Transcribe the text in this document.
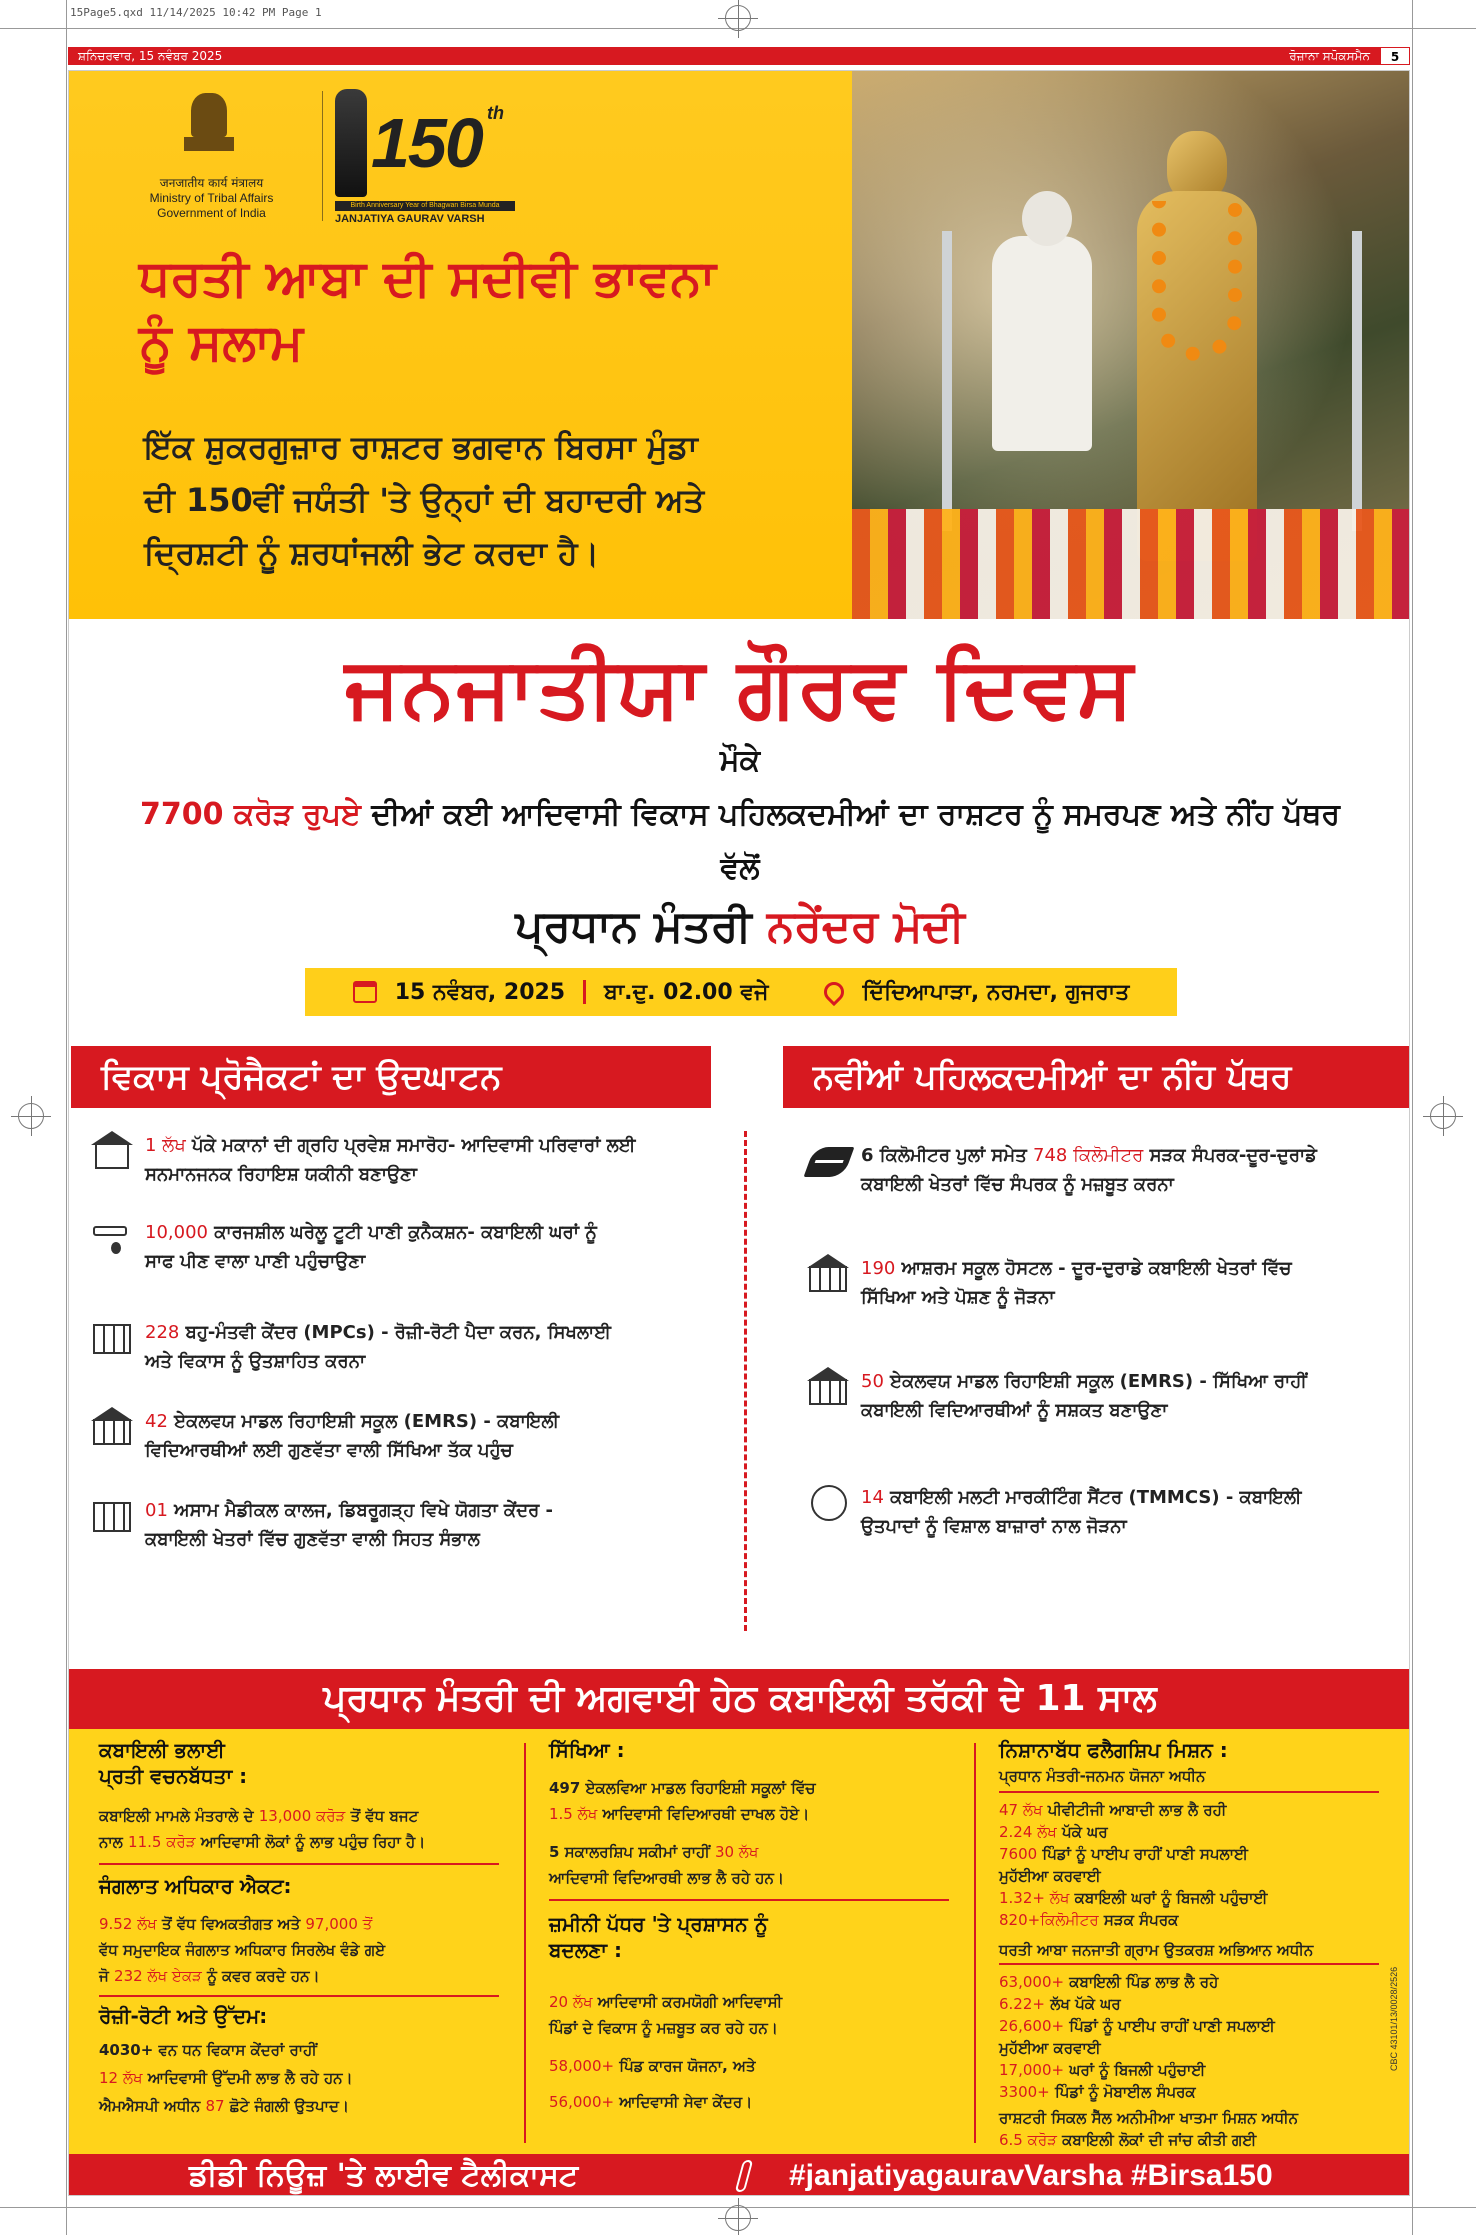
15Page5.qxd 11/14/2025 10:42 PM Page 1
ਸ਼ਨਿਚਰਵਾਰ, 15 ਨਵੰਬਰ 2025	ਰੋਜ਼ਾਨਾ ਸਪੋਕਸਮੈਨ	5
जनजातीय कार्य मंत्रालय
Ministry of Tribal Affairs
Government of India
150 th
Birth Anniversary Year of Bhagwan Birsa Munda
JANJATIYA GAURAV VARSH
ਧਰਤੀ ਆਬਾ ਦੀ ਸਦੀਵੀ ਭਾਵਨਾ
ਨੂੰ ਸਲਾਮ
ਇੱਕ ਸ਼ੁਕਰਗੁਜ਼ਾਰ ਰਾਸ਼ਟਰ ਭਗਵਾਨ ਬਿਰਸਾ ਮੁੰਡਾ
ਦੀ 150ਵੀਂ ਜਯੰਤੀ 'ਤੇ ਉਨ੍ਹਾਂ ਦੀ ਬਹਾਦਰੀ ਅਤੇ
ਦ੍ਰਿਸ਼ਟੀ ਨੂੰ ਸ਼ਰਧਾਂਜਲੀ ਭੇਟ ਕਰਦਾ ਹੈ।
ਜਨਜਾਤੀਯਾ ਗੌਰਵ ਦਿਵਸ
ਮੌਕੇ
7700 ਕਰੋੜ ਰੁਪਏ ਦੀਆਂ ਕਈ ਆਦਿਵਾਸੀ ਵਿਕਾਸ ਪਹਿਲਕਦਮੀਆਂ ਦਾ ਰਾਸ਼ਟਰ ਨੂੰ ਸਮਰਪਣ ਅਤੇ ਨੀਂਹ ਪੱਥਰ
ਵੱਲੋਂ
ਪ੍ਰਧਾਨ ਮੰਤਰੀ ਨਰੇਂਦਰ ਮੋਦੀ
15 ਨਵੰਬਰ, 2025 ਬਾ.ਦੁ. 02.00 ਵਜੇ	ਦਿੱਦਿਆਪਾੜਾ, ਨਰਮਦਾ, ਗੁਜਰਾਤ
ਵਿਕਾਸ ਪ੍ਰੋਜੈਕਟਾਂ ਦਾ ਉਦਘਾਟਨ	ਨਵੀਂਆਂ ਪਹਿਲਕਦਮੀਆਂ ਦਾ ਨੀਂਹ ਪੱਥਰ
1 ਲੱਖ ਪੱਕੇ ਮਕਾਨਾਂ ਦੀ ਗ੍ਰਹਿ ਪ੍ਰਵੇਸ਼ ਸਮਾਰੋਹ- ਆਦਿਵਾਸੀ ਪਰਿਵਾਰਾਂ ਲਈ
ਸਨਮਾਨਜਨਕ ਰਿਹਾਇਸ਼ ਯਕੀਨੀ ਬਣਾਉਣਾ
10,000 ਕਾਰਜਸ਼ੀਲ ਘਰੇਲੂ ਟੂਟੀ ਪਾਣੀ ਕੁਨੈਕਸ਼ਨ- ਕਬਾਇਲੀ ਘਰਾਂ ਨੂੰ
ਸਾਫ ਪੀਣ ਵਾਲਾ ਪਾਣੀ ਪਹੁੰਚਾਉਣਾ
228 ਬਹੁ-ਮੰਤਵੀ ਕੇਂਦਰ (MPCs) - ਰੋਜ਼ੀ-ਰੋਟੀ ਪੈਦਾ ਕਰਨ, ਸਿਖਲਾਈ
ਅਤੇ ਵਿਕਾਸ ਨੂੰ ਉਤਸ਼ਾਹਿਤ ਕਰਨਾ
42 ਏਕਲਵਯ ਮਾਡਲ ਰਿਹਾਇਸ਼ੀ ਸਕੂਲ (EMRS) - ਕਬਾਇਲੀ
ਵਿਦਿਆਰਥੀਆਂ ਲਈ ਗੁਣਵੱਤਾ ਵਾਲੀ ਸਿੱਖਿਆ ਤੱਕ ਪਹੁੰਚ
01 ਅਸਾਮ ਮੈਡੀਕਲ ਕਾਲਜ, ਡਿਬਰੂਗੜ੍ਹ ਵਿਖੇ ਯੋਗਤਾ ਕੇਂਦਰ -
ਕਬਾਇਲੀ ਖੇਤਰਾਂ ਵਿੱਚ ਗੁਣਵੱਤਾ ਵਾਲੀ ਸਿਹਤ ਸੰਭਾਲ
6 ਕਿਲੋਮੀਟਰ ਪੁਲਾਂ ਸਮੇਤ 748 ਕਿਲੋਮੀਟਰ ਸੜਕ ਸੰਪਰਕ-ਦੂਰ-ਦੁਰਾਡੇ
ਕਬਾਇਲੀ ਖੇਤਰਾਂ ਵਿੱਚ ਸੰਪਰਕ ਨੂੰ ਮਜ਼ਬੂਤ ਕਰਨਾ
190 ਆਸ਼ਰਮ ਸਕੂਲ ਹੋਸਟਲ - ਦੂਰ-ਦੁਰਾਡੇ ਕਬਾਇਲੀ ਖੇਤਰਾਂ ਵਿੱਚ
ਸਿੱਖਿਆ ਅਤੇ ਪੋਸ਼ਣ ਨੂੰ ਜੋੜਨਾ
50 ਏਕਲਵਯ ਮਾਡਲ ਰਿਹਾਇਸ਼ੀ ਸਕੂਲ (EMRS) - ਸਿੱਖਿਆ ਰਾਹੀਂ
ਕਬਾਇਲੀ ਵਿਦਿਆਰਥੀਆਂ ਨੂੰ ਸਸ਼ਕਤ ਬਣਾਉਣਾ
14 ਕਬਾਇਲੀ ਮਲਟੀ ਮਾਰਕੀਟਿੰਗ ਸੈਂਟਰ (TMMCS) - ਕਬਾਇਲੀ
ਉਤਪਾਦਾਂ ਨੂੰ ਵਿਸ਼ਾਲ ਬਾਜ਼ਾਰਾਂ ਨਾਲ ਜੋੜਨਾ
ਪ੍ਰਧਾਨ ਮੰਤਰੀ ਦੀ ਅਗਵਾਈ ਹੇਠ ਕਬਾਇਲੀ ਤਰੱਕੀ ਦੇ 11 ਸਾਲ
ਕਬਾਇਲੀ ਭਲਾਈ
ਪ੍ਰਤੀ ਵਚਨਬੱਧਤਾ :
ਕਬਾਇਲੀ ਮਾਮਲੇ ਮੰਤਰਾਲੇ ਦੇ 13,000 ਕਰੋੜ ਤੋਂ ਵੱਧ ਬਜਟ
ਨਾਲ 11.5 ਕਰੋੜ ਆਦਿਵਾਸੀ ਲੋਕਾਂ ਨੂੰ ਲਾਭ ਪਹੁੰਚ ਰਿਹਾ ਹੈ।
ਜੰਗਲਾਤ ਅਧਿਕਾਰ ਐਕਟ:
9.52 ਲੱਖ ਤੋਂ ਵੱਧ ਵਿਅਕਤੀਗਤ ਅਤੇ 97,000 ਤੋਂ
ਵੱਧ ਸਮੁਦਾਇਕ ਜੰਗਲਾਤ ਅਧਿਕਾਰ ਸਿਰਲੇਖ ਵੰਡੇ ਗਏ
ਜੋ 232 ਲੱਖ ਏਕੜ ਨੂੰ ਕਵਰ ਕਰਦੇ ਹਨ।
ਰੋਜ਼ੀ-ਰੋਟੀ ਅਤੇ ਉੱਦਮ:
4030+ ਵਨ ਧਨ ਵਿਕਾਸ ਕੇਂਦਰਾਂ ਰਾਹੀਂ
12 ਲੱਖ ਆਦਿਵਾਸੀ ਉੱਦਮੀ ਲਾਭ ਲੈ ਰਹੇ ਹਨ।
ਐਮਐਸਪੀ ਅਧੀਨ 87 ਛੋਟੇ ਜੰਗਲੀ ਉਤਪਾਦ।
ਸਿੱਖਿਆ :
497 ਏਕਲਵਿਆ ਮਾਡਲ ਰਿਹਾਇਸ਼ੀ ਸਕੂਲਾਂ ਵਿੱਚ
1.5 ਲੱਖ ਆਦਿਵਾਸੀ ਵਿਦਿਆਰਥੀ ਦਾਖਲ ਹੋਏ।
5 ਸਕਾਲਰਸ਼ਿਪ ਸਕੀਮਾਂ ਰਾਹੀਂ 30 ਲੱਖ
ਆਦਿਵਾਸੀ ਵਿਦਿਆਰਥੀ ਲਾਭ ਲੈ ਰਹੇ ਹਨ।
ਜ਼ਮੀਨੀ ਪੱਧਰ 'ਤੇ ਪ੍ਰਸ਼ਾਸਨ ਨੂੰ
ਬਦਲਣਾ :
20 ਲੱਖ ਆਦਿਵਾਸੀ ਕਰਮਯੋਗੀ ਆਦਿਵਾਸੀ
ਪਿੰਡਾਂ ਦੇ ਵਿਕਾਸ ਨੂੰ ਮਜ਼ਬੂਤ ਕਰ ਰਹੇ ਹਨ।
58,000+ ਪਿੰਡ ਕਾਰਜ ਯੋਜਨਾ, ਅਤੇ
56,000+ ਆਦਿਵਾਸੀ ਸੇਵਾ ਕੇਂਦਰ।
ਨਿਸ਼ਾਨਾਬੱਧ ਫਲੈਗਸ਼ਿਪ ਮਿਸ਼ਨ :
ਪ੍ਰਧਾਨ ਮੰਤਰੀ-ਜਨਮਨ ਯੋਜਨਾ ਅਧੀਨ
47 ਲੱਖ ਪੀਵੀਟੀਜੀ ਆਬਾਦੀ ਲਾਭ ਲੈ ਰਹੀ
2.24 ਲੱਖ ਪੱਕੇ ਘਰ
7600 ਪਿੰਡਾਂ ਨੂੰ ਪਾਈਪ ਰਾਹੀਂ ਪਾਣੀ ਸਪਲਾਈ
ਮੁਹੱਈਆ ਕਰਵਾਈ
1.32+ ਲੱਖ ਕਬਾਇਲੀ ਘਰਾਂ ਨੂੰ ਬਿਜਲੀ ਪਹੁੰਚਾਈ
820+ਕਿਲੋਮੀਟਰ ਸੜਕ ਸੰਪਰਕ
ਧਰਤੀ ਆਬਾ ਜਨਜਾਤੀ ਗ੍ਰਾਮ ਉਤਕਰਸ਼ ਅਭਿਆਨ ਅਧੀਨ
63,000+ ਕਬਾਇਲੀ ਪਿੰਡ ਲਾਭ ਲੈ ਰਹੇ
6.22+ ਲੱਖ ਪੱਕੇ ਘਰ
26,600+ ਪਿੰਡਾਂ ਨੂੰ ਪਾਈਪ ਰਾਹੀਂ ਪਾਣੀ ਸਪਲਾਈ
ਮੁਹੱਈਆ ਕਰਵਾਈ
17,000+ ਘਰਾਂ ਨੂੰ ਬਿਜਲੀ ਪਹੁੰਚਾਈ
3300+ ਪਿੰਡਾਂ ਨੂੰ ਮੋਬਾਈਲ ਸੰਪਰਕ
ਰਾਸ਼ਟਰੀ ਸਿਕਲ ਸੈੱਲ ਅਨੀਮੀਆ ਖਾਤਮਾ ਮਿਸ਼ਨ ਅਧੀਨ
6.5 ਕਰੋੜ ਕਬਾਇਲੀ ਲੋਕਾਂ ਦੀ ਜਾਂਚ ਕੀਤੀ ਗਈ
CBC 43101/13/0028/2526
ਡੀਡੀ ਨਿਊਜ਼ 'ਤੇ ਲਾਈਵ ਟੈਲੀਕਾਸਟ	#janjatiyagauravVarsha #Birsa150
